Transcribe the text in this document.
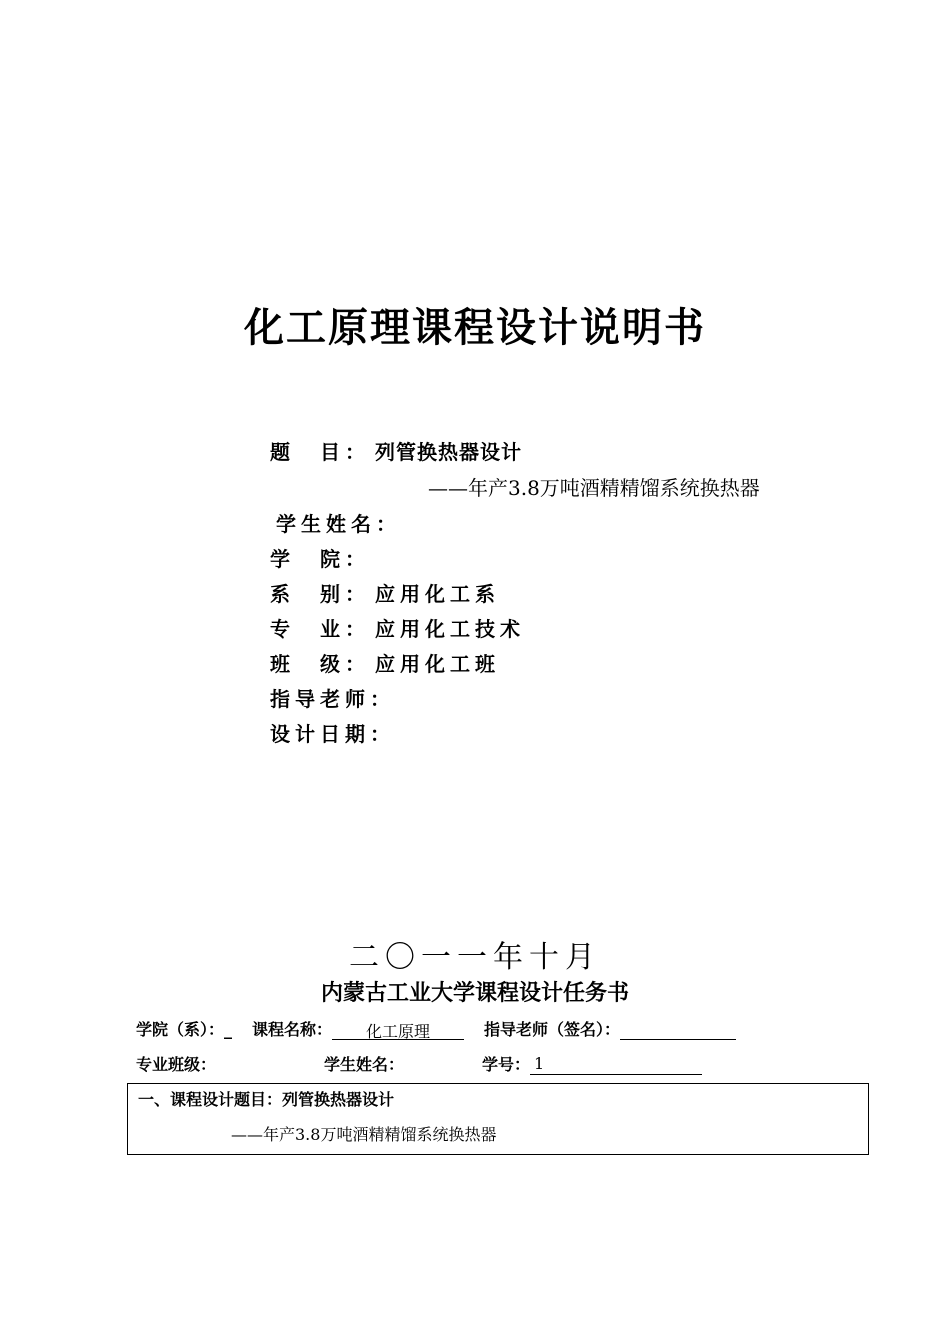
化工原理课程设计说明书
题　目： 列管换热器设计
——年产3.8万吨酒精精馏系统换热器
学生姓名：
学　院：
系　别： 应用化工系
专　业： 应用化工技术
班　级： 应用化工班
指导老师：
设计日期：
二〇一一年十月
内蒙古工业大学课程设计任务书
学院（系）：_ 课程名称： 化工原理	指导老师（签名）：
专业班级：	学生姓名：	学号： 1
一、课程设计题目：列管换热器设计
——年产3.8万吨酒精精馏系统换热器
